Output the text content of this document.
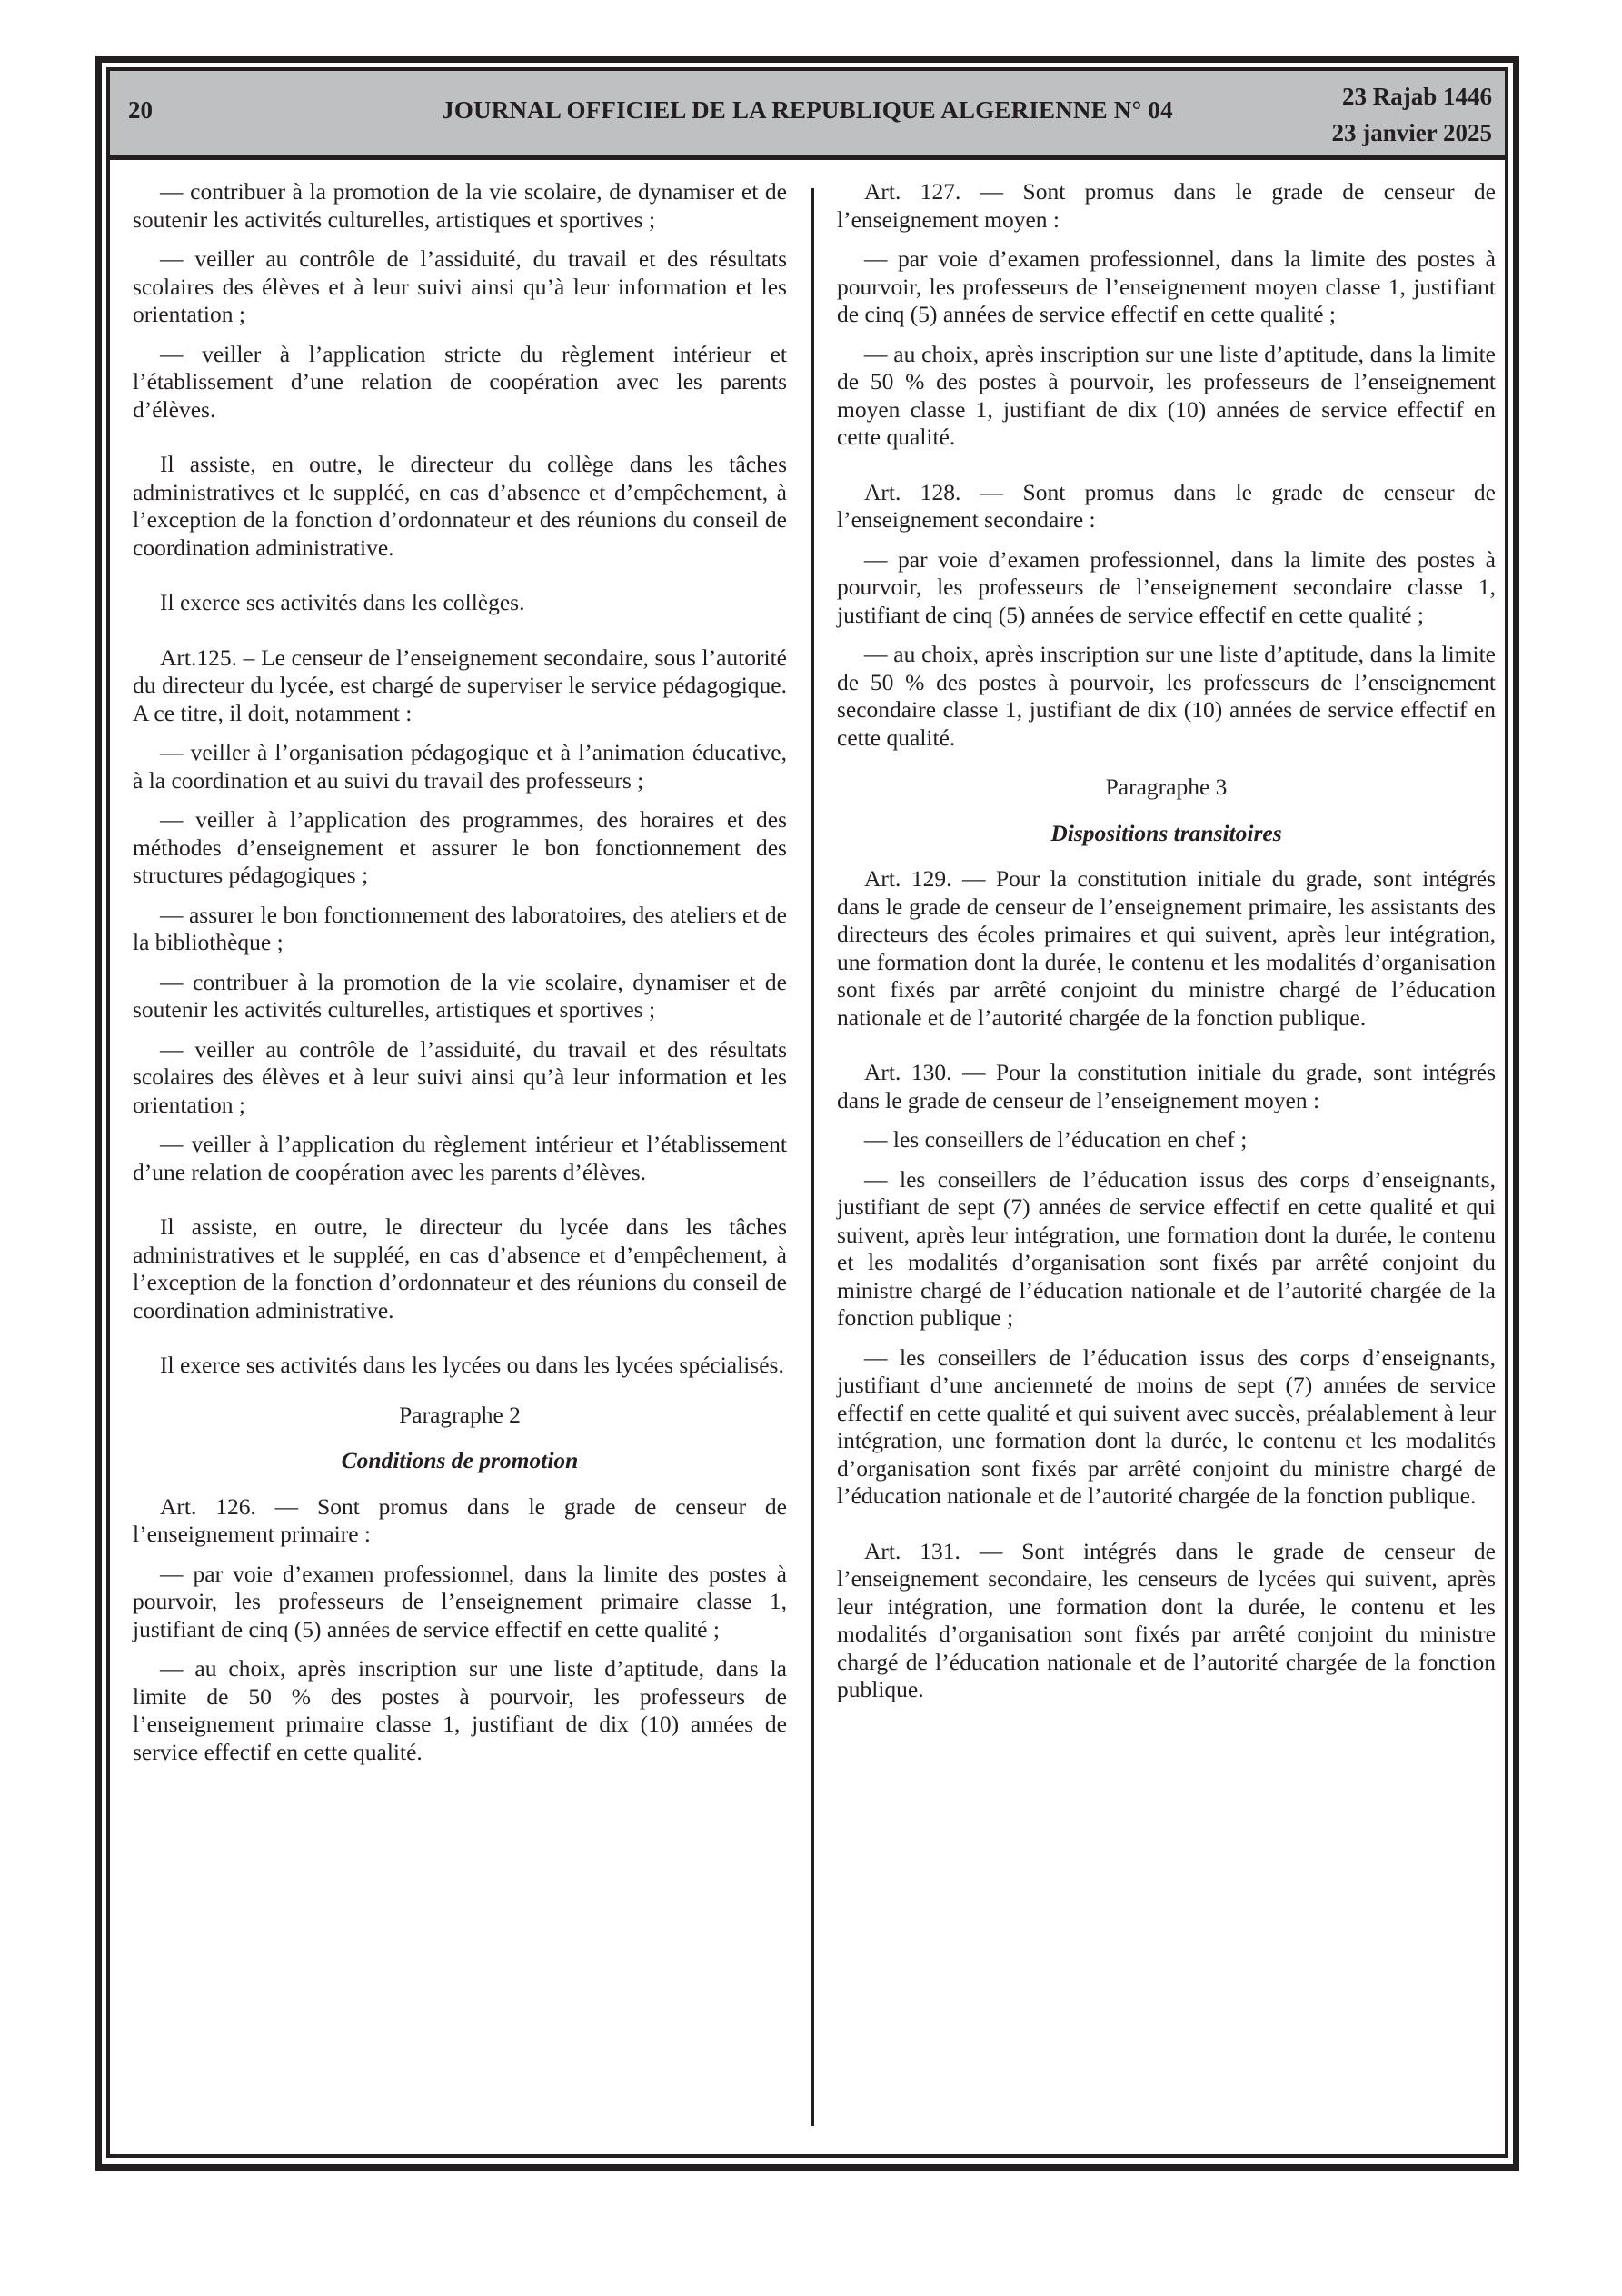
20	JOURNAL OFFICIEL DE LA REPUBLIQUE ALGERIENNE N° 04	23 Rajab 1446
23 janvier 2025

— contribuer à la promotion de la vie scolaire, de dynamiser et de soutenir les activités culturelles, artistiques et sportives ;

— veiller au contrôle de l’assiduité, du travail et des résultats scolaires des élèves et à leur suivi ainsi qu’à leur information et les orientation ;

— veiller à l’application stricte du règlement intérieur et l’établissement d’une relation de coopération avec les parents d’élèves.

Il assiste, en outre, le directeur du collège dans les tâches administratives et le suppléé, en cas d’absence et d’empêchement, à l’exception de la fonction d’ordonnateur et des réunions du conseil de coordination administrative.

Il exerce ses activités dans les collèges.

Art.125. – Le censeur de l’enseignement secondaire, sous l’autorité du directeur du lycée, est chargé de superviser le service pédagogique. A ce titre, il doit, notamment :

— veiller à l’organisation pédagogique et à l’animation éducative, à la coordination et au suivi du travail des professeurs ;

— veiller à l’application des programmes, des horaires et des méthodes d’enseignement et assurer le bon fonctionnement des structures pédagogiques ;

— assurer le bon fonctionnement des laboratoires, des ateliers et de la bibliothèque ;

— contribuer à la promotion de la vie scolaire, dynamiser et de soutenir les activités culturelles, artistiques et sportives ;

— veiller au contrôle de l’assiduité, du travail et des résultats scolaires des élèves et à leur suivi ainsi qu’à leur information et les orientation ;

— veiller à l’application du règlement intérieur et l’établissement d’une relation de coopération avec les parents d’élèves.

Il assiste, en outre, le directeur du lycée dans les tâches administratives et le suppléé, en cas d’absence et d’empêchement, à l’exception de la fonction d’ordonnateur et des réunions du conseil de coordination administrative.

Il exerce ses activités dans les lycées ou dans les lycées spécialisés.

Paragraphe 2

Conditions de promotion

Art. 126. — Sont promus dans le grade de censeur de l’enseignement primaire :

— par voie d’examen professionnel, dans la limite des postes à pourvoir, les professeurs de l’enseignement primaire classe 1, justifiant de cinq (5) années de service effectif en cette qualité ;

— au choix, après inscription sur une liste d’aptitude, dans la limite de 50 % des postes à pourvoir, les professeurs de l’enseignement primaire classe 1, justifiant de dix (10) années de service effectif en cette qualité.

Art. 127. — Sont promus dans le grade de censeur de l’enseignement moyen :

— par voie d’examen professionnel, dans la limite des postes à pourvoir, les professeurs de l’enseignement moyen classe 1, justifiant de cinq (5) années de service effectif en cette qualité ;

— au choix, après inscription sur une liste d’aptitude, dans la limite de 50 % des postes à pourvoir, les professeurs de l’enseignement moyen classe 1, justifiant de dix (10) années de service effectif en cette qualité.

Art. 128. — Sont promus dans le grade de censeur de l’enseignement secondaire :

— par voie d’examen professionnel, dans la limite des postes à pourvoir, les professeurs de l’enseignement secondaire classe 1, justifiant de cinq (5) années de service effectif en cette qualité ;

— au choix, après inscription sur une liste d’aptitude, dans la limite de 50 % des postes à pourvoir, les professeurs de l’enseignement secondaire classe 1, justifiant de dix (10) années de service effectif en cette qualité.

Paragraphe 3

Dispositions transitoires

Art. 129. — Pour la constitution initiale du grade, sont intégrés dans le grade de censeur de l’enseignement primaire, les assistants des directeurs des écoles primaires et qui suivent, après leur intégration, une formation dont la durée, le contenu et les modalités d’organisation sont fixés par arrêté conjoint du ministre chargé de l’éducation nationale et de l’autorité chargée de la fonction publique.

Art. 130. — Pour la constitution initiale du grade, sont intégrés dans le grade de censeur de l’enseignement moyen :

— les conseillers de l’éducation en chef ;

— les conseillers de l’éducation issus des corps d’enseignants, justifiant de sept (7) années de service effectif en cette qualité et qui suivent, après leur intégration, une formation dont la durée, le contenu et les modalités d’organisation sont fixés par arrêté conjoint du ministre chargé de l’éducation nationale et de l’autorité chargée de la fonction publique ;

— les conseillers de l’éducation issus des corps d’enseignants, justifiant d’une ancienneté de moins de sept (7) années de service effectif en cette qualité et qui suivent avec succès, préalablement à leur intégration, une formation dont la durée, le contenu et les modalités d’organisation sont fixés par arrêté conjoint du ministre chargé de l’éducation nationale et de l’autorité chargée de la fonction publique.

Art. 131. — Sont intégrés dans le grade de censeur de l’enseignement secondaire, les censeurs de lycées qui suivent, après leur intégration, une formation dont la durée, le contenu et les modalités d’organisation sont fixés par arrêté conjoint du ministre chargé de l’éducation nationale et de l’autorité chargée de la fonction publique.
